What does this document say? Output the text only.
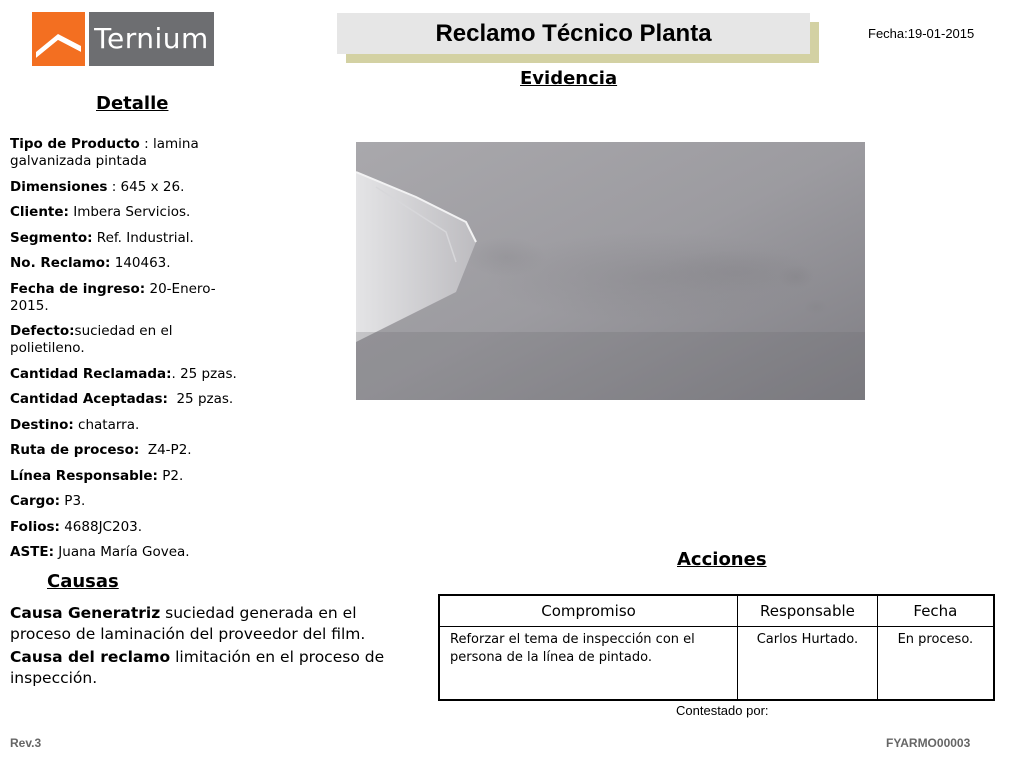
Ternium	Reclamo Técnico Planta	Fecha:19-01-2015
Evidencia
Detalle
Tipo de Producto : lamina galvanizada pintada
Dimensiones : 645 x 26.
Cliente: Imbera Servicios.
Segmento: Ref. Industrial.
No. Reclamo: 140463.
Fecha de ingreso: 20-Enero-2015.
Defecto:suciedad en el polietileno.
Cantidad Reclamada:. 25 pzas.
Cantidad Aceptadas:  25 pzas.
Destino: chatarra.
Ruta de proceso:  Z4-P2.
Línea Responsable: P2.
Cargo: P3.
Folios: 4688JC203.
ASTE: Juana María Govea.
Causas
Causa Generatriz suciedad generada en el proceso de laminación del proveedor del film.
Causa del reclamo limitación en el proceso de inspección.
Acciones
Compromiso	Responsable	Fecha
Reforzar el tema de inspección con el persona de la línea de pintado.	Carlos Hurtado.	En proceso.
Contestado por:
Rev.3	FYARMO00003
